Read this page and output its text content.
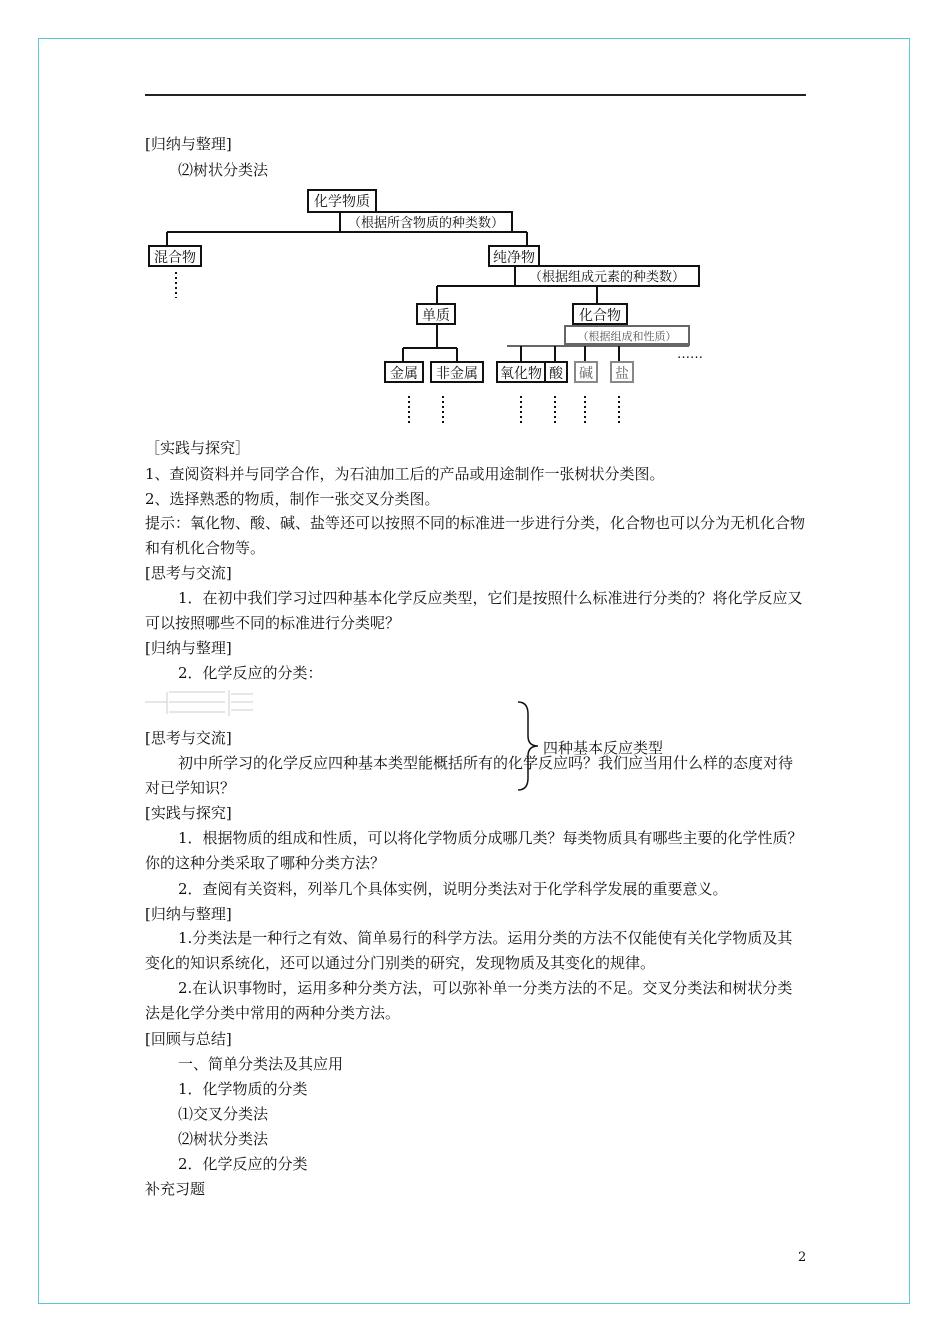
[归纳与整理]
⑵树状分类法
化学物质
（根据所含物质的种类数）
混合物	纯净物
（根据组成元素的种类数）
单质	化合物
（根据组成和性质）
金属 非金属 氧化物 酸 碱 盐
……
［实践与探究］
1、查阅资料并与同学合作，为石油加工后的产品或用途制作一张树状分类图。
2、选择熟悉的物质，制作一张交叉分类图。
提示：氧化物、酸、碱、盐等还可以按照不同的标准进一步进行分类，化合物也可以分为无机化合物和有机化合物等。
[思考与交流]
1．在初中我们学习过四种基本化学反应类型，它们是按照什么标准进行分类的？将化学反应又可以按照哪些不同的标准进行分类呢？
[归纳与整理]
2．化学反应的分类：
四种基本反应类型
[思考与交流]
初中所学习的化学反应四种基本类型能概括所有的化学反应吗？我们应当用什么样的态度对待对已学知识？
[实践与探究]
1．根据物质的组成和性质，可以将化学物质分成哪几类？每类物质具有哪些主要的化学性质？你的这种分类采取了哪种分类方法？
2．查阅有关资料，列举几个具体实例，说明分类法对于化学科学发展的重要意义。
[归纳与整理]
1.分类法是一种行之有效、简单易行的科学方法。运用分类的方法不仅能使有关化学物质及其变化的知识系统化，还可以通过分门别类的研究，发现物质及其变化的规律。
2.在认识事物时，运用多种分类方法，可以弥补单一分类方法的不足。交叉分类法和树状分类法是化学分类中常用的两种分类方法。
[回顾与总结]
一、简单分类法及其应用
1．化学物质的分类
⑴交叉分类法
⑵树状分类法
2．化学反应的分类
补充习题
2
